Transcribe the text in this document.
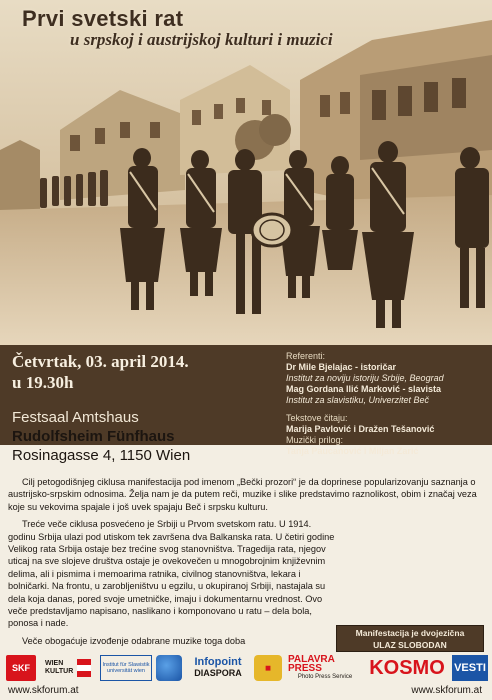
Prvi svetski rat
u srpskoj i austrijskoj kulturi i muzici
Četvrtak, 03. april 2014.
u 19.30h
Referenti:
Dr Mile Bjelajac - istoričar
Institut za noviju istoriju Srbije, Beograd
Mag Gordana Ilić Marković - slavista
Institut za slavistiku, Univerzitet Beč
Tekstove čitaju:
Marija Pavlović i Dražen Tešanović
Muzički prilog:
Tanja Paucanović i Miljan Zarić
Festsaal Amtshaus
Rudolfsheim Fünfhaus
Rosinagasse 4, 1150 Wien

Cilj petogodišnjeg ciklusa manifestacija pod imenom „Bečki prozori“ je da doprinese popularizovanju saznanja o austrijsko-srpskim odnosima. Želja nam je da putem reči, muzike i slike predstavimo raznolikost, obim i značaj veza koje su vekovima spajale i još uvek spajaju Beč i srpsku kulturu.

Treće veče ciklusa posvećeno je Srbiji u Prvom svetskom ratu. U 1914. godinu Srbija ulazi pod utiskom tek završena dva Balkanska rata. U četiri godine Velikog rata Srbija ostaje bez trećine svog stanovništva. Tragedija rata, njegov uticaj na sve slojeve društva ostaje je ovekovečen u mnogobrojnim književnim delima, ali i pismima i memoarima ratnika, civilnog stanovništva, lekara i bolničarki. Na frontu, u zarobljeništvu u egzilu, u okupiranoj Srbiji, nastajala su dela koja danas, pored svoje umetničke, imaju i dokumentarnu vrednost. Ovo veče predstavljamo napisano, naslikano i komponovano u ratu – dela bola, ponosa i nade.

Veče obogaćuje izvođenje odabrane muzike toga doba

Manifestacija je dvojezična
ULAZ SLOBODAN
SKF WIEN KULTUR
Institut für Slawistik universität wien
Infopoint
DIASPORA	◼
PALAVRA PRESS
Photo Press Service KOSMO VESTI
www.skforum.at	www.skforum.at
